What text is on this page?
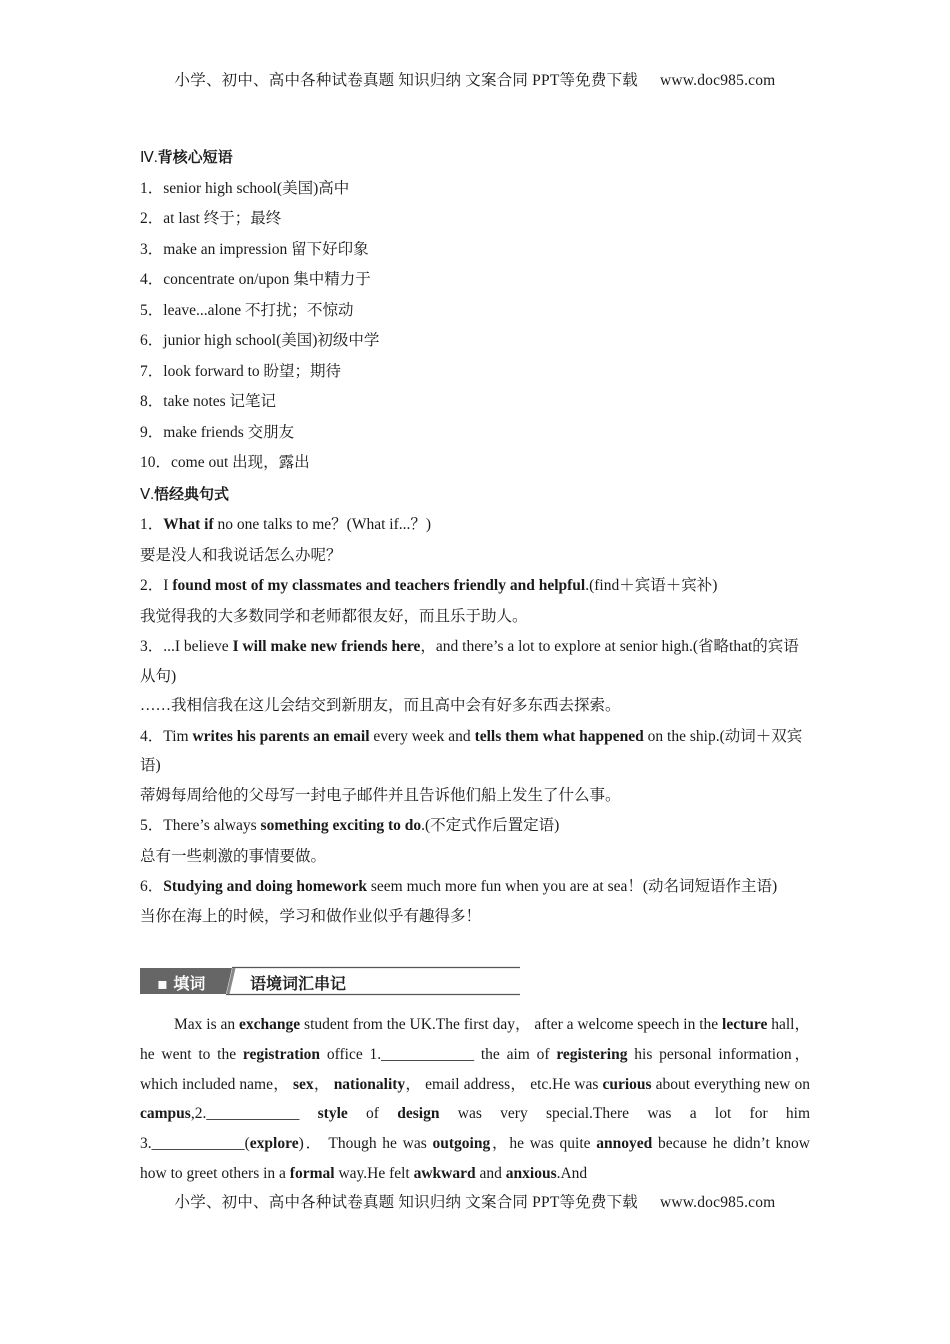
小学、初中、高中各种试卷真题 知识归纳 文案合同 PPT等免费下载 www.doc985.com
Ⅳ.背核心短语
1．senior high school(美国)高中
2．at last 终于；最终
3．make an impression 留下好印象
4．concentrate on/upon 集中精力于
5．leave...alone 不打扰；不惊动
6．junior high school(美国)初级中学
7．look forward to 盼望；期待
8．take notes 记笔记
9．make friends 交朋友
10．come out 出现，露出
Ⅴ.悟经典句式
1．What if no one talks to me？(What if...？)
要是没人和我说话怎么办呢？
2．I found most of my classmates and teachers friendly and helpful.(find＋宾语＋宾补)
我觉得我的大多数同学和老师都很友好，而且乐于助人。
3．...I believe I will make new friends here，and there’s a lot to explore at senior high.(省略that的宾语从句)
……我相信我在这儿会结交到新朋友，而且高中会有好多东西去探索。
4．Tim writes his parents an email every week and tells them what happened on the ship.(动词＋双宾语)
蒂姆每周给他的父母写一封电子邮件并且告诉他们船上发生了什么事。
5．There’s always something exciting to do.(不定式作后置定语)
总有一些刺激的事情要做。
6．Studying and doing homework seem much more fun when you are at sea！(动名词短语作主语)
当你在海上的时候，学习和做作业似乎有趣得多！
▪ 填词	语境词汇串记
Max is an exchange student from the UK.The first day， after a welcome speech in the lecture hall， he went to the registration office 1.____________ the aim of registering his personal information， which included name， sex， nationality， email address， etc.He was curious about everything new on campus,2.____________ style of design was very special.There was a lot for him 3.____________(explore)． Though he was outgoing，he was quite annoyed because he didn’t know how to greet others in a formal way.He felt awkward and anxious.And
小学、初中、高中各种试卷真题 知识归纳 文案合同 PPT等免费下载 www.doc985.com
